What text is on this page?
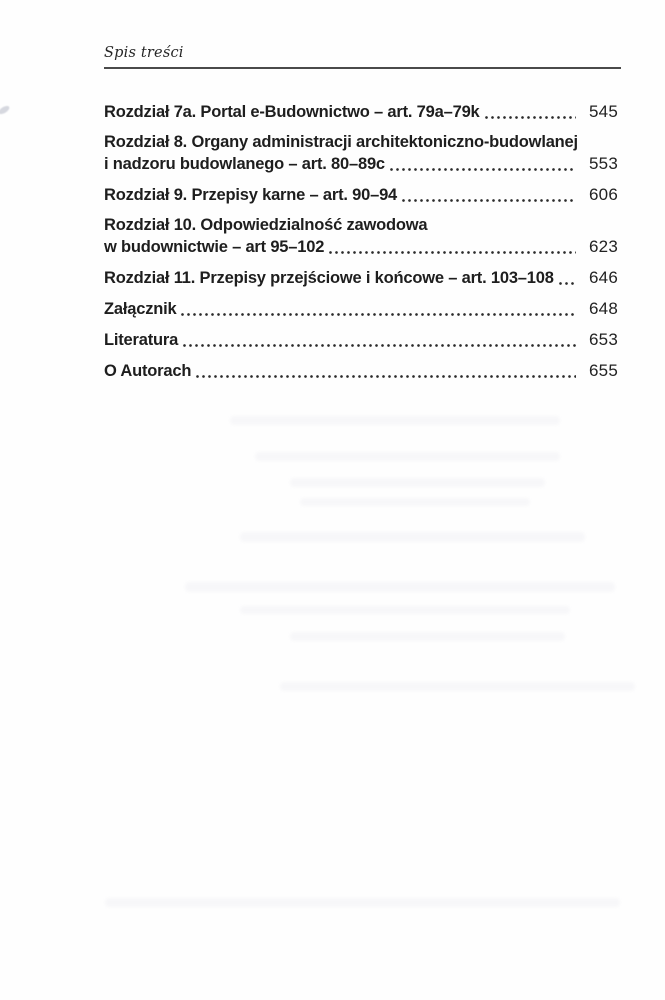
Spis treści
Rozdział 7a. Portal e-Budownictwo – art. 79a–79k	545
Rozdział 8. Organy administracji architektoniczno-budowlanej
i nadzoru budowlanego – art. 80–89c	553
Rozdział 9. Przepisy karne – art. 90–94	606
Rozdział 10. Odpowiedzialność zawodowa
w budownictwie – art 95–102	623
Rozdział 11. Przepisy przejściowe i końcowe – art. 103–108 646
Załącznik	648
Literatura	653
O Autorach	655
